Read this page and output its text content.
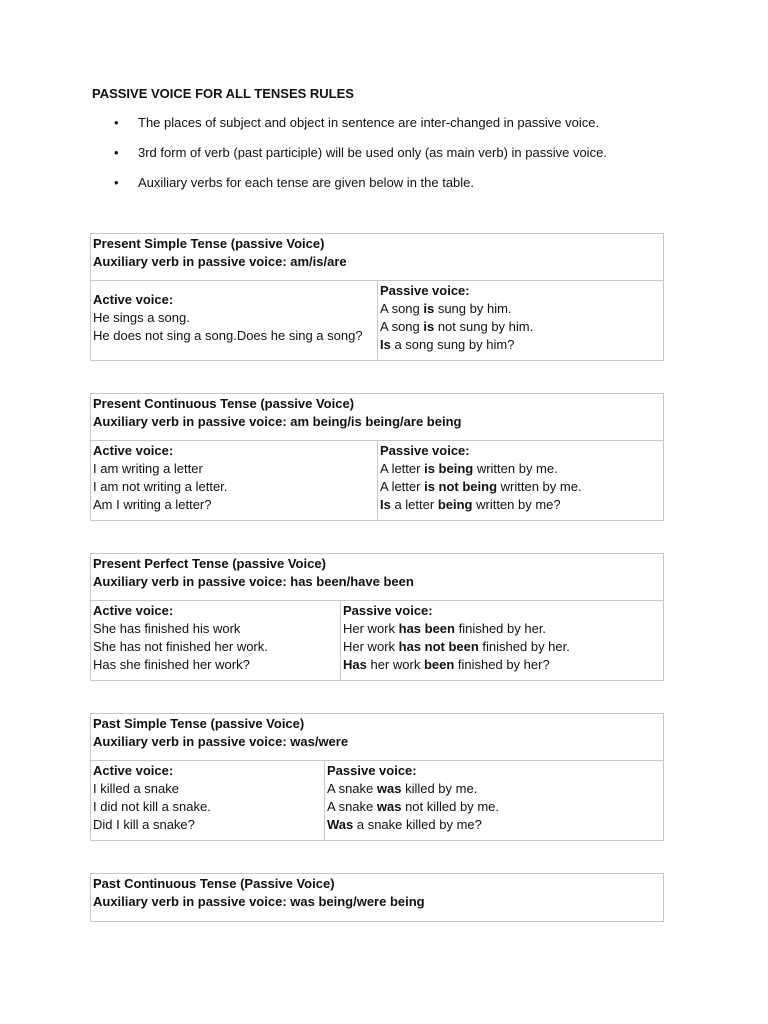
PASSIVE VOICE FOR ALL TENSES RULES
• The places of subject and object in sentence are inter-changed in passive voice.
• 3rd form of verb (past participle) will be used only (as main verb) in passive voice.
• Auxiliary verbs for each tense are given below in the table.
Present Simple Tense (passive Voice)
Auxiliary verb in passive voice: am/is/are
Active voice:
He sings a song.
He does not sing a song.Does he sing a song?
Passive voice:
A song is sung by him.
A song is not sung by him.
Is a song sung by him?
Present Continuous Tense (passive Voice)
Auxiliary verb in passive voice: am being/is being/are being
Active voice:
I am writing a letter
I am not writing a letter.
Am I writing a letter?
Passive voice:
A letter is being written by me.
A letter is not being written by me.
Is a letter being written by me?
Present Perfect Tense (passive Voice)
Auxiliary verb in passive voice: has been/have been
Active voice:
She has finished his work
She has not finished her work.
Has she finished her work?
Passive voice:
Her work has been finished by her.
Her work has not been finished by her.
Has her work been finished by her?
Past Simple Tense (passive Voice)
Auxiliary verb in passive voice: was/were
Active voice:
I killed a snake
I did not kill a snake.
Did I kill a snake?
Passive voice:
A snake was killed by me.
A snake was not killed by me.
Was a snake killed by me?
Past Continuous Tense (Passive Voice)
Auxiliary verb in passive voice: was being/were being
